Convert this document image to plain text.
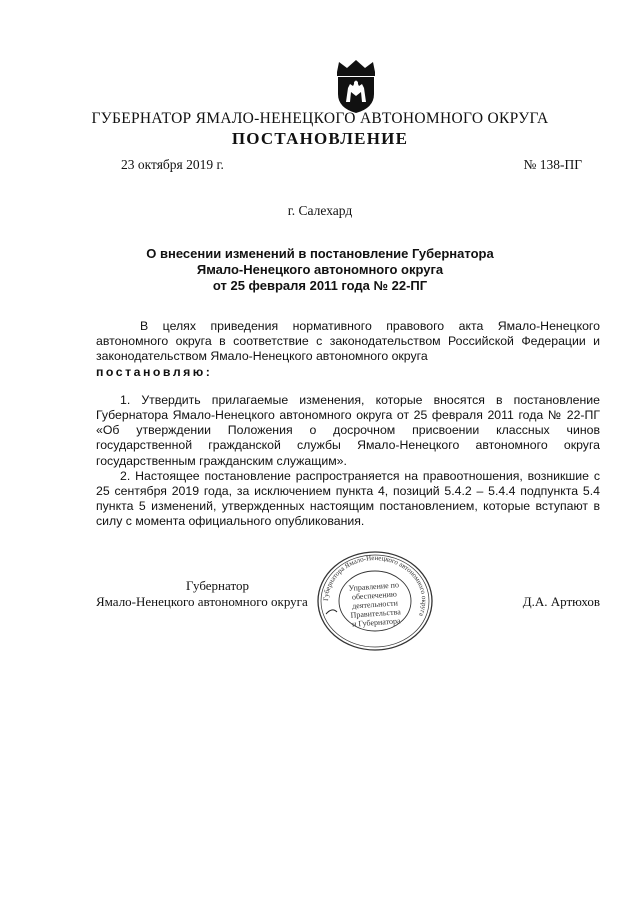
ГУБЕРНАТОР ЯМАЛО-НЕНЕЦКОГО АВТОНОМНОГО ОКРУГА
ПОСТАНОВЛЕНИЕ
23 октября 2019 г.	№ 138-ПГ
г. Салехард
О внесении изменений в постановление Губернатора
Ямало-Ненецкого автономного округа
от 25 февраля 2011 года № 22-ПГ

В целях приведения нормативного правового акта Ямало-Ненецкого автономного округа в соответствие с законодательством Российской Федерации и законодательством Ямало-Ненецкого автономного округа
постановляю:

1. Утвердить прилагаемые изменения, которые вносятся в постановление Губернатора Ямало-Ненецкого автономного округа от 25 февраля 2011 года № 22-ПГ «Об утверждении Положения о досрочном присвоении классных чинов государственной гражданской службы Ямало-Ненецкого автономного округа государственным гражданским служащим».

2. Настоящее постановление распространяется на правоотношения, возникшие с 25 сентября 2019 года, за исключением пункта 4, позиций 5.4.2 – 5.4.4 подпункта 5.4 пункта 5 изменений, утвержденных настоящим постановлением, которые вступают в силу с момента официального опубликования.

Губернатора Ямало-Ненецкого автономного округа
Управление по
обеспечению
деятельности
Правительства
и Губернатора
Губернатор
Ямало-Ненецкого автономного округа	Д.А. Артюхов
